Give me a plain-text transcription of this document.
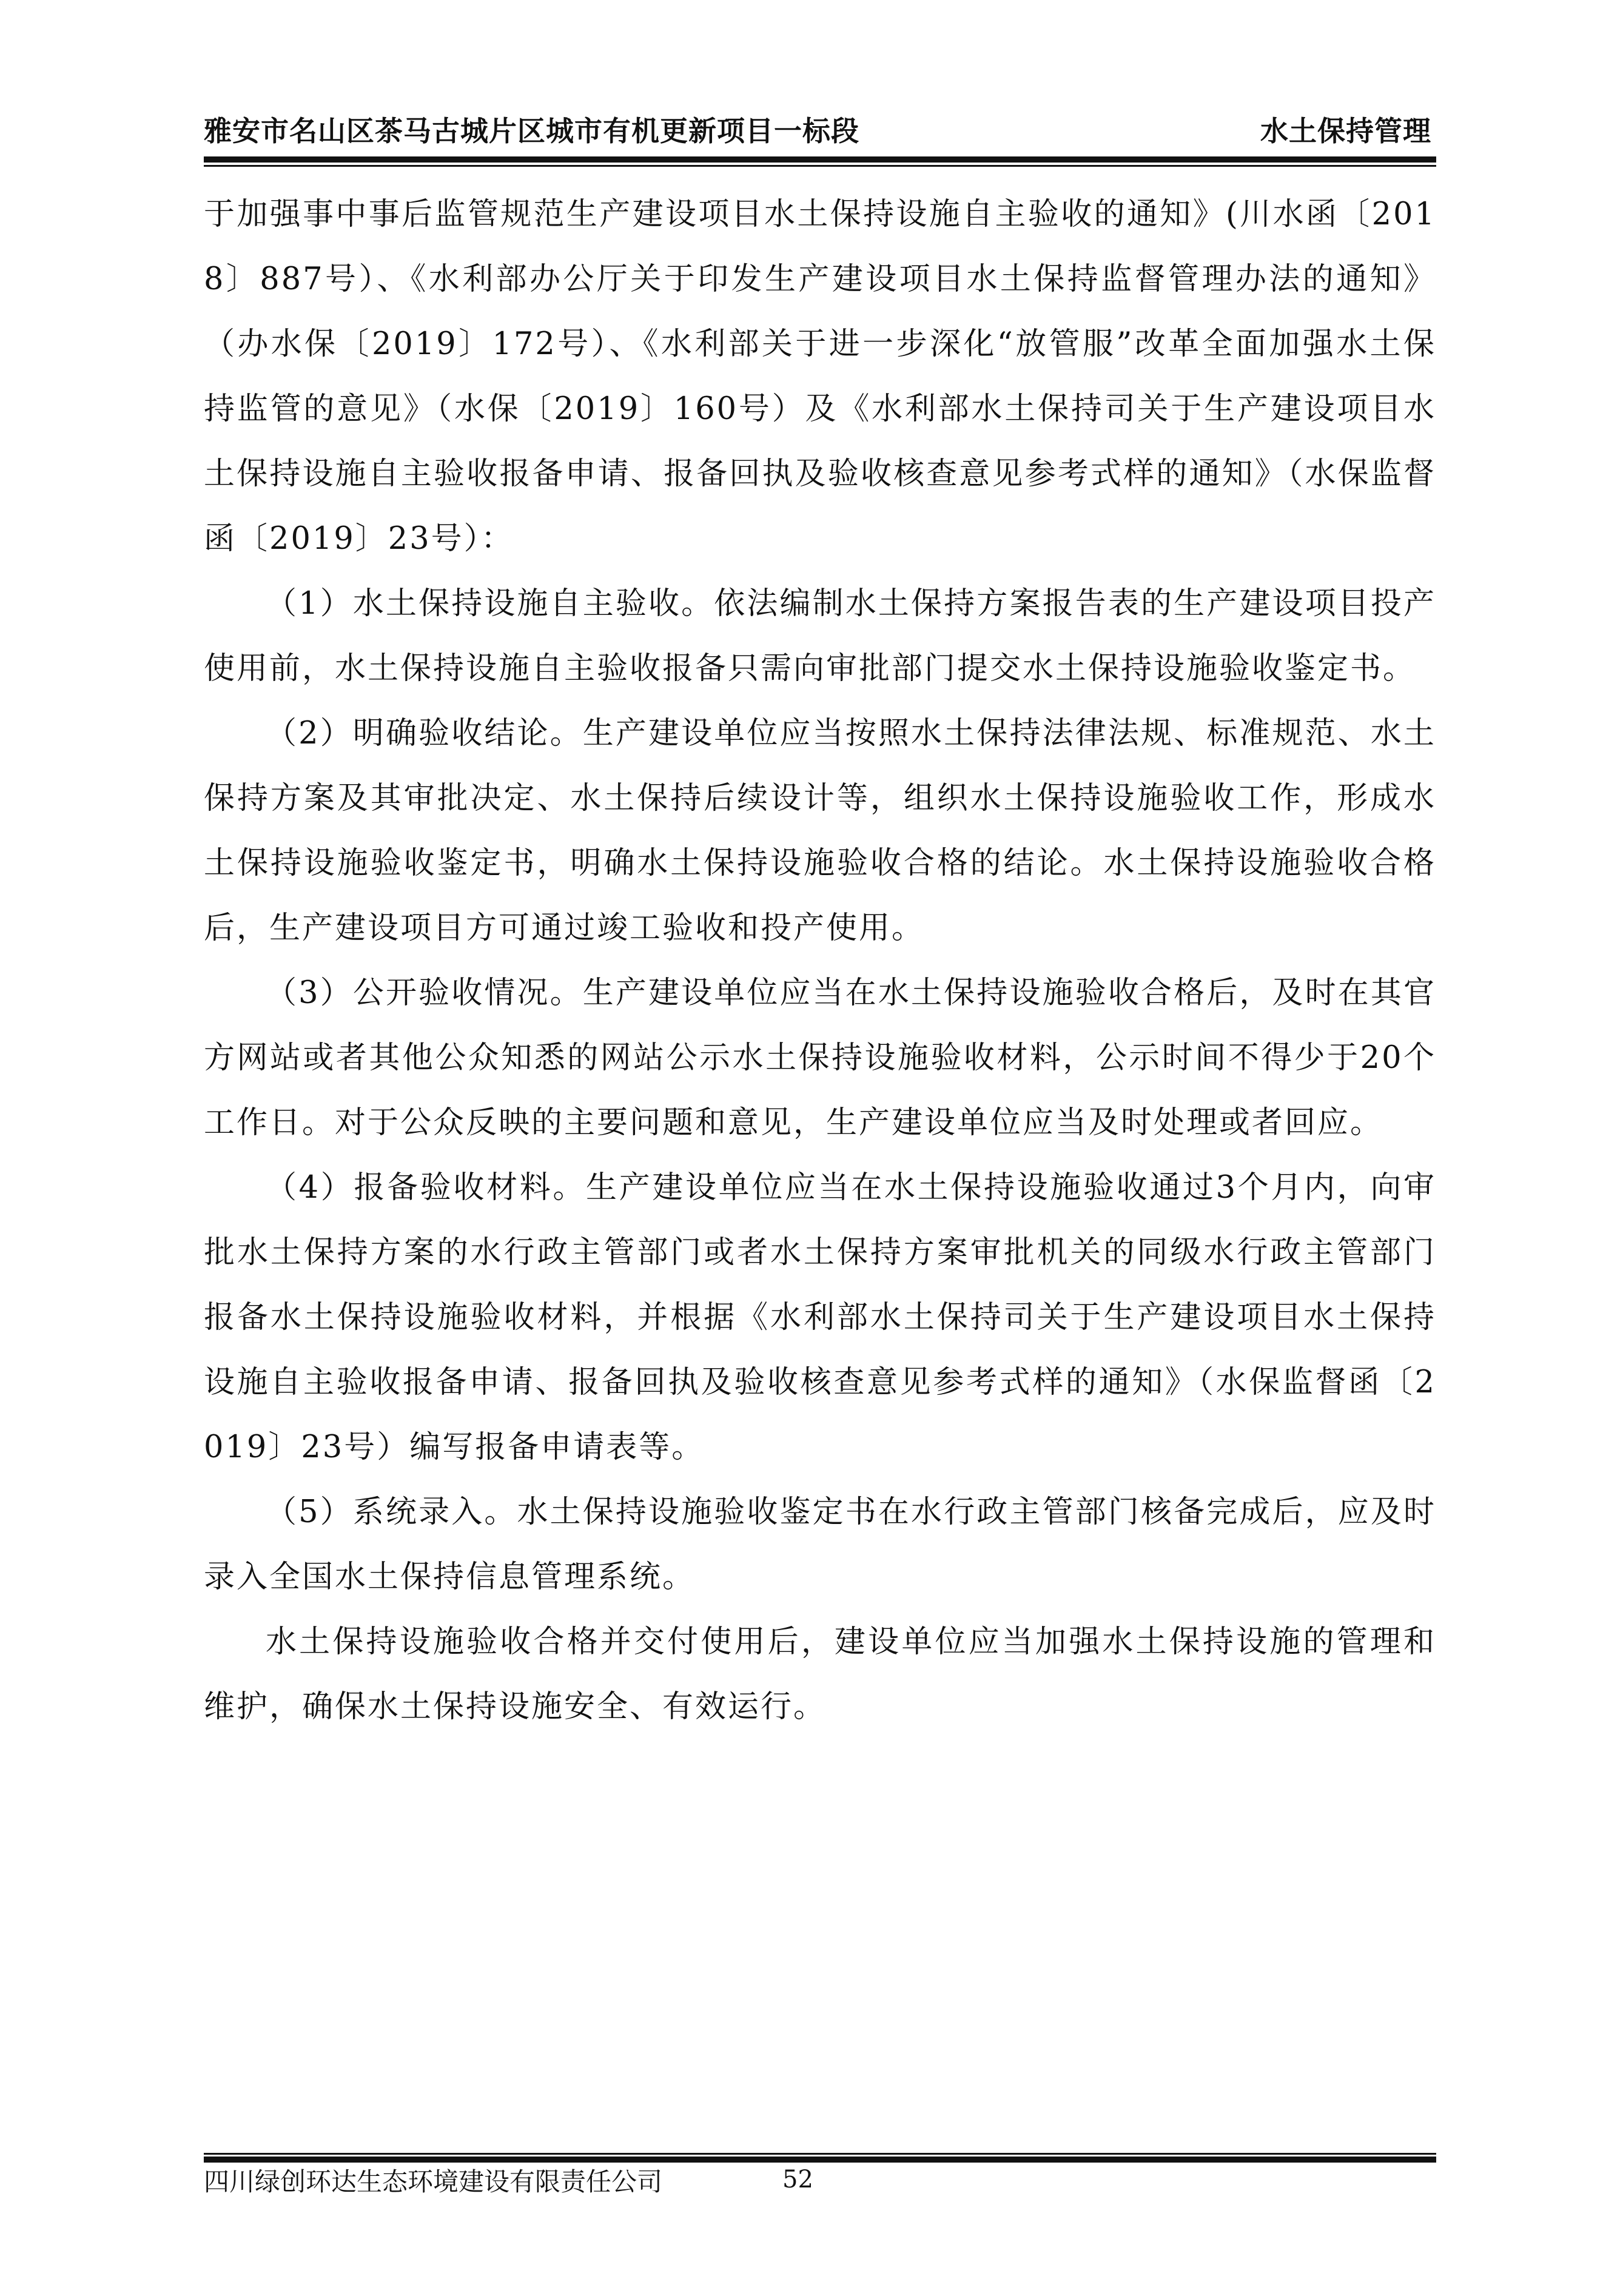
雅安市名山区茶马古城片区城市有机更新项目一标段	水土保持管理

于加强事中事后监管规范生产建设项目水土保持设施自主验收的通知》(川水函〔2018〕887号）、《水利部办公厅关于印发生产建设项目水土保持监督管理办法的通知》（办水保〔2019〕172号）、《水利部关于进一步深化“放管服”改革全面加强水土保持监管的意见》（水保〔2019〕160号）及《水利部水土保持司关于生产建设项目水土保持设施自主验收报备申请、报备回执及验收核查意见参考式样的通知》（水保监督函〔2019〕23号）：

（1）水土保持设施自主验收。依法编制水土保持方案报告表的生产建设项目投产使用前，水土保持设施自主验收报备只需向审批部门提交水土保持设施验收鉴定书。

（2）明确验收结论。生产建设单位应当按照水土保持法律法规、标准规范、水土保持方案及其审批决定、水土保持后续设计等，组织水土保持设施验收工作，形成水土保持设施验收鉴定书，明确水土保持设施验收合格的结论。水土保持设施验收合格后，生产建设项目方可通过竣工验收和投产使用。

（3）公开验收情况。生产建设单位应当在水土保持设施验收合格后，及时在其官方网站或者其他公众知悉的网站公示水土保持设施验收材料，公示时间不得少于20个工作日。对于公众反映的主要问题和意见，生产建设单位应当及时处理或者回应。

（4）报备验收材料。生产建设单位应当在水土保持设施验收通过3个月内，向审批水土保持方案的水行政主管部门或者水土保持方案审批机关的同级水行政主管部门报备水土保持设施验收材料，并根据《水利部水土保持司关于生产建设项目水土保持设施自主验收报备申请、报备回执及验收核查意见参考式样的通知》（水保监督函〔2019〕23号）编写报备申请表等。

（5）系统录入。水土保持设施验收鉴定书在水行政主管部门核备完成后，应及时录入全国水土保持信息管理系统。

水土保持设施验收合格并交付使用后，建设单位应当加强水土保持设施的管理和维护，确保水土保持设施安全、有效运行。

四川绿创环达生态环境建设有限责任公司	52
